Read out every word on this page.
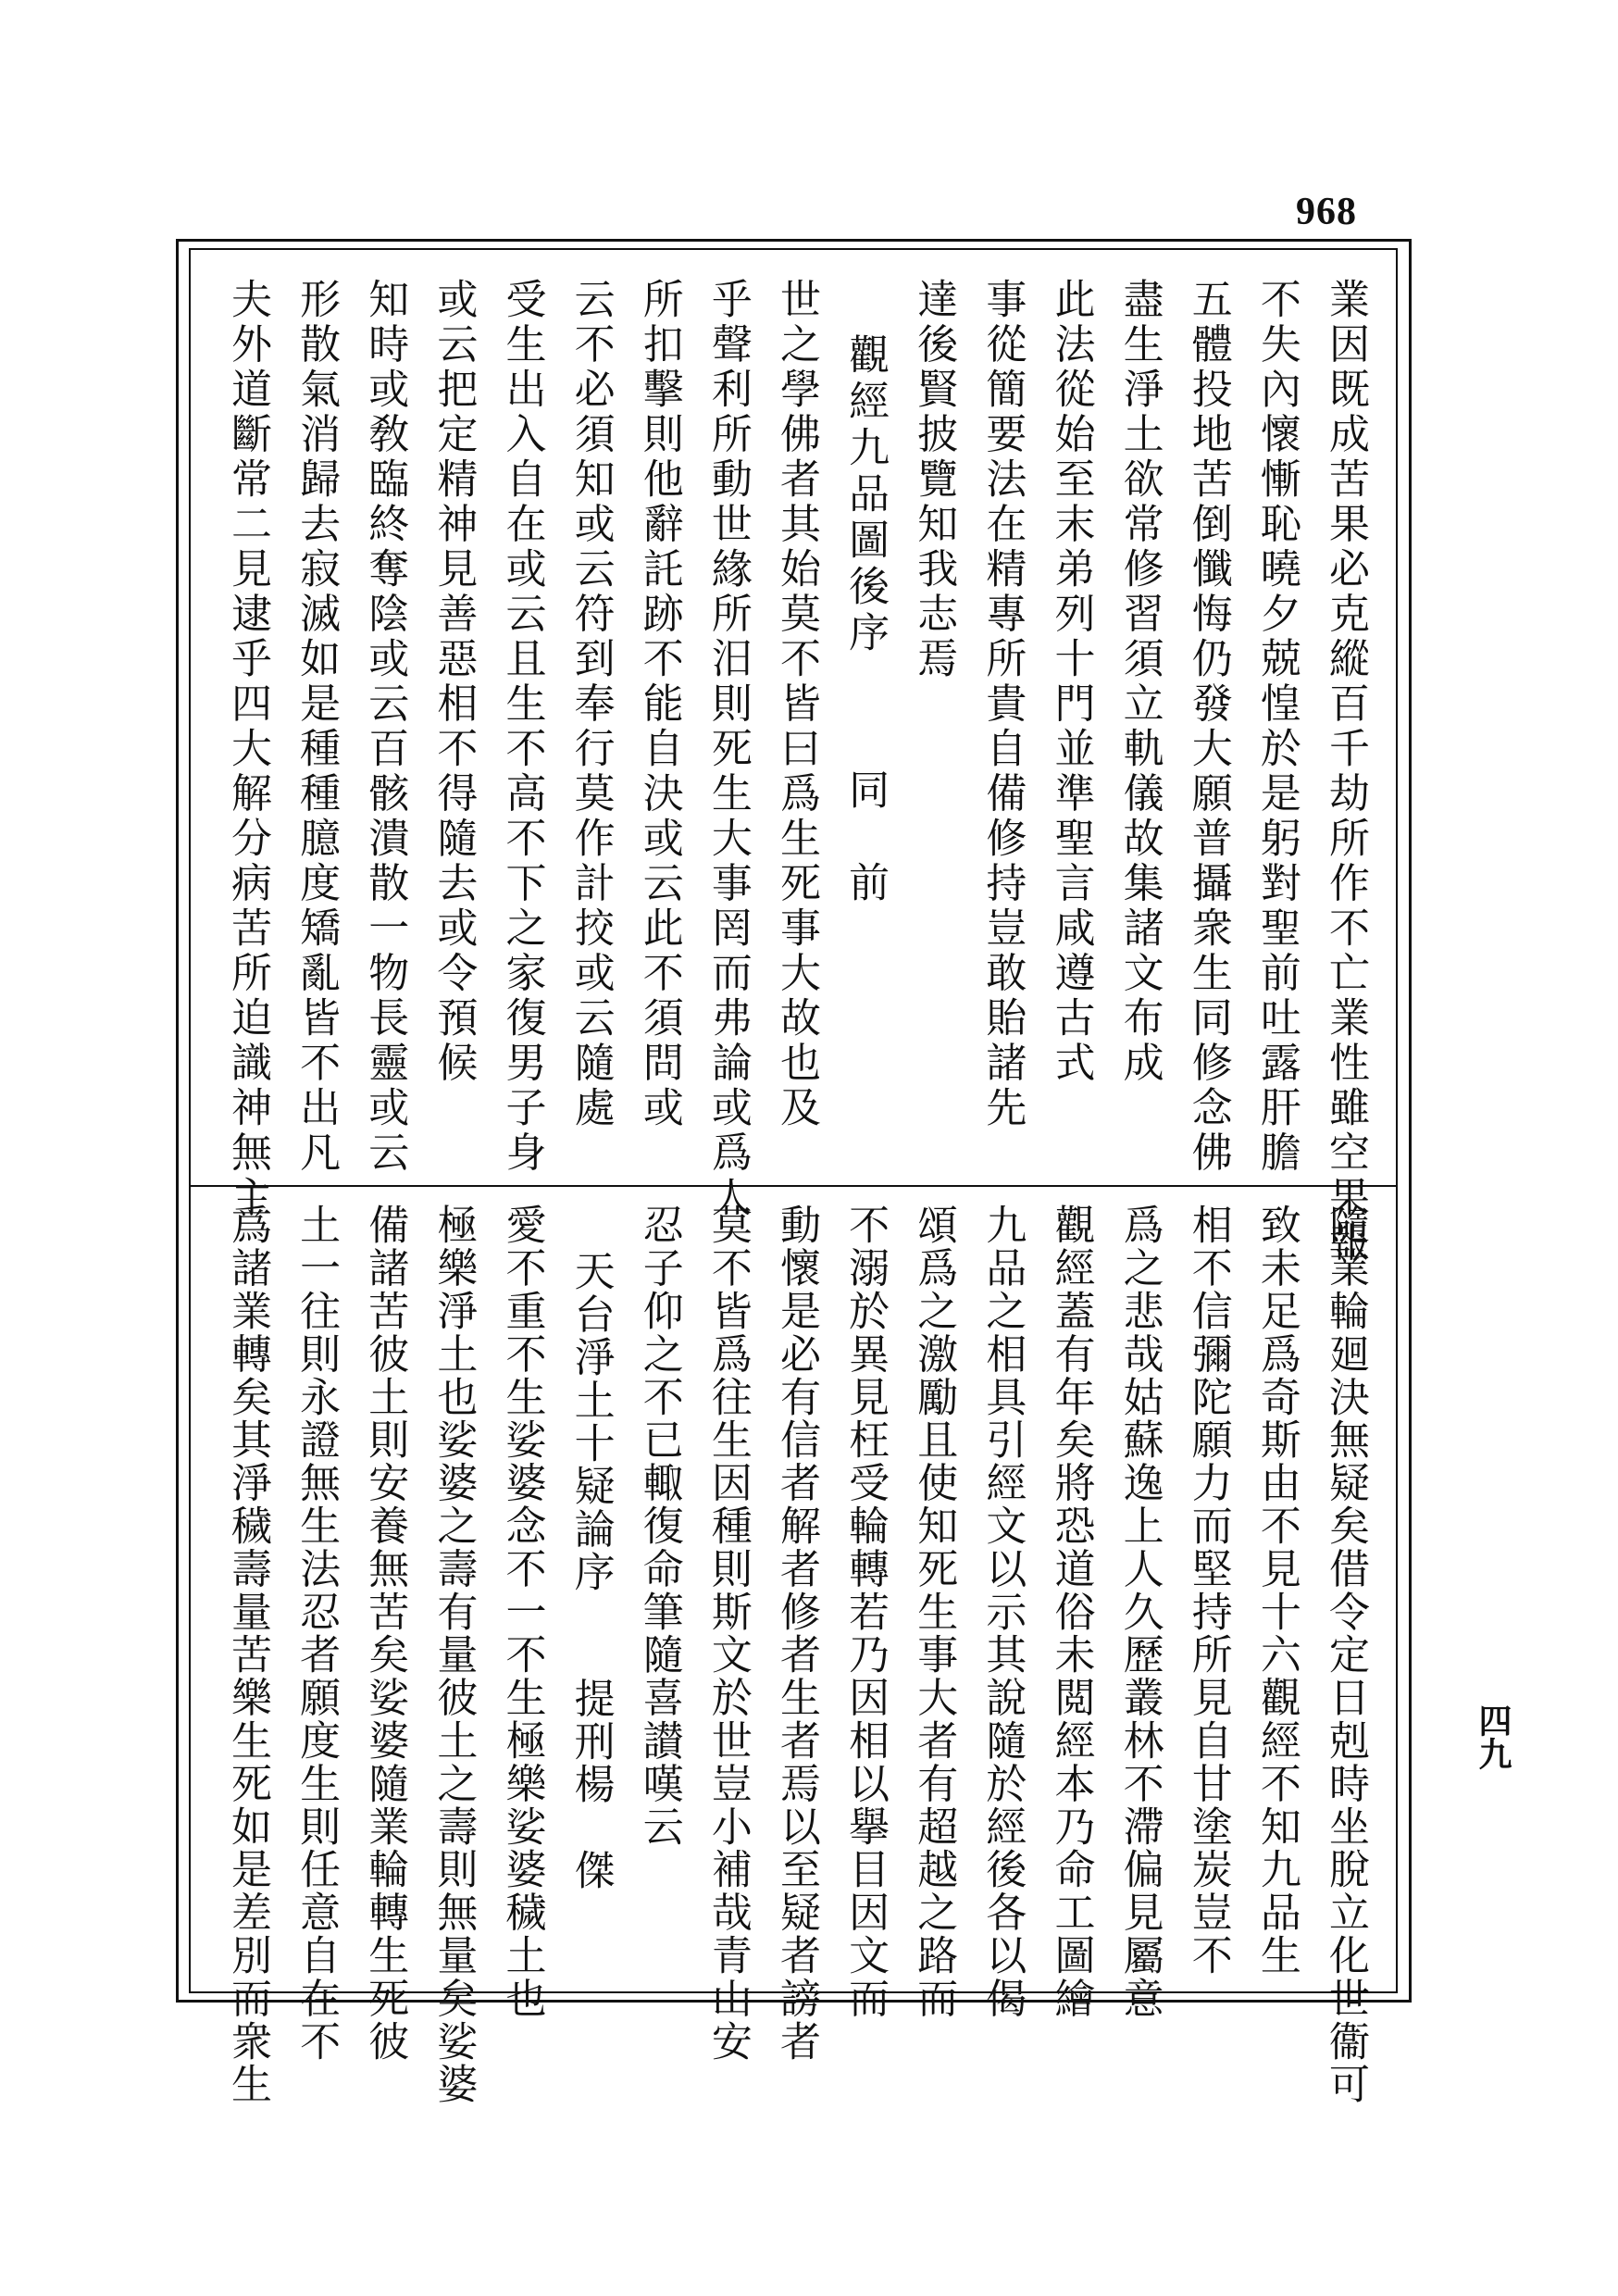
968
四九
業因既成苦果必克縱百千劫所作不亡業性雖空果報
不失內懷慚恥曉夕兢惶於是躬對聖前吐露肝膽
五體投地苦倒懺悔仍發大願普攝衆生同修念佛
盡生淨土欲常修習須立軌儀故集諸文布成
此法從始至末弟列十門並準聖言咸遵古式
事從簡要法在精專所貴自備修持豈敢貽諸先
達後賢披覽知我志焉
觀經九品圖後序同　前
世之學佛者其始莫不皆曰爲生死事大故也及
乎聲利所動世緣所汨則死生大事罔而弗論或爲人
所扣擊則他辭託跡不能自決或云此不須問或
云不必須知或云符到奉行莫作計挍或云隨處
受生出入自在或云且生不高不下之家復男子身
或云把定精神見善惡相不得隨去或令預候
知時或敎臨終奪陰或云百骸潰散一物長靈或云
形散氣消歸去寂滅如是種種臆度矯亂皆不出凡
夫外道斷常二見逮乎四大解分病苦所迫識神無主
隨業輪廻決無疑矣借令定日剋時坐脫立化世衞可
致未足爲奇斯由不見十六觀經不知九品生
相不信彌陀願力而堅持所見自甘塗炭豈不
爲之悲哉姑蘇逸上人久歷叢林不滯偏見屬意
觀經蓋有年矣將恐道俗未閲經本乃命工圖繪
九品之相具引經文以示其說隨於經後各以偈
頌爲之激勵且使知死生事大者有超越之路而
不溺於異見枉受輪轉若乃因相以擧目因文而
動懷是必有信者解者修者生者焉以至疑者謗者
莫不皆爲往生因種則斯文於世豈小補哉青山安
忍子仰之不已輙復命筆隨喜讃嘆云
天台淨土十疑論序提刑楊　傑
愛不重不生娑婆念不一不生極樂娑婆穢土也
極樂淨土也娑婆之壽有量彼土之壽則無量矣娑婆
備諸苦彼土則安養無苦矣娑婆隨業輪轉生死彼
土一往則永證無生法忍者願度生則任意自在不
爲諸業轉矣其淨穢壽量苦樂生死如是差別而衆生
